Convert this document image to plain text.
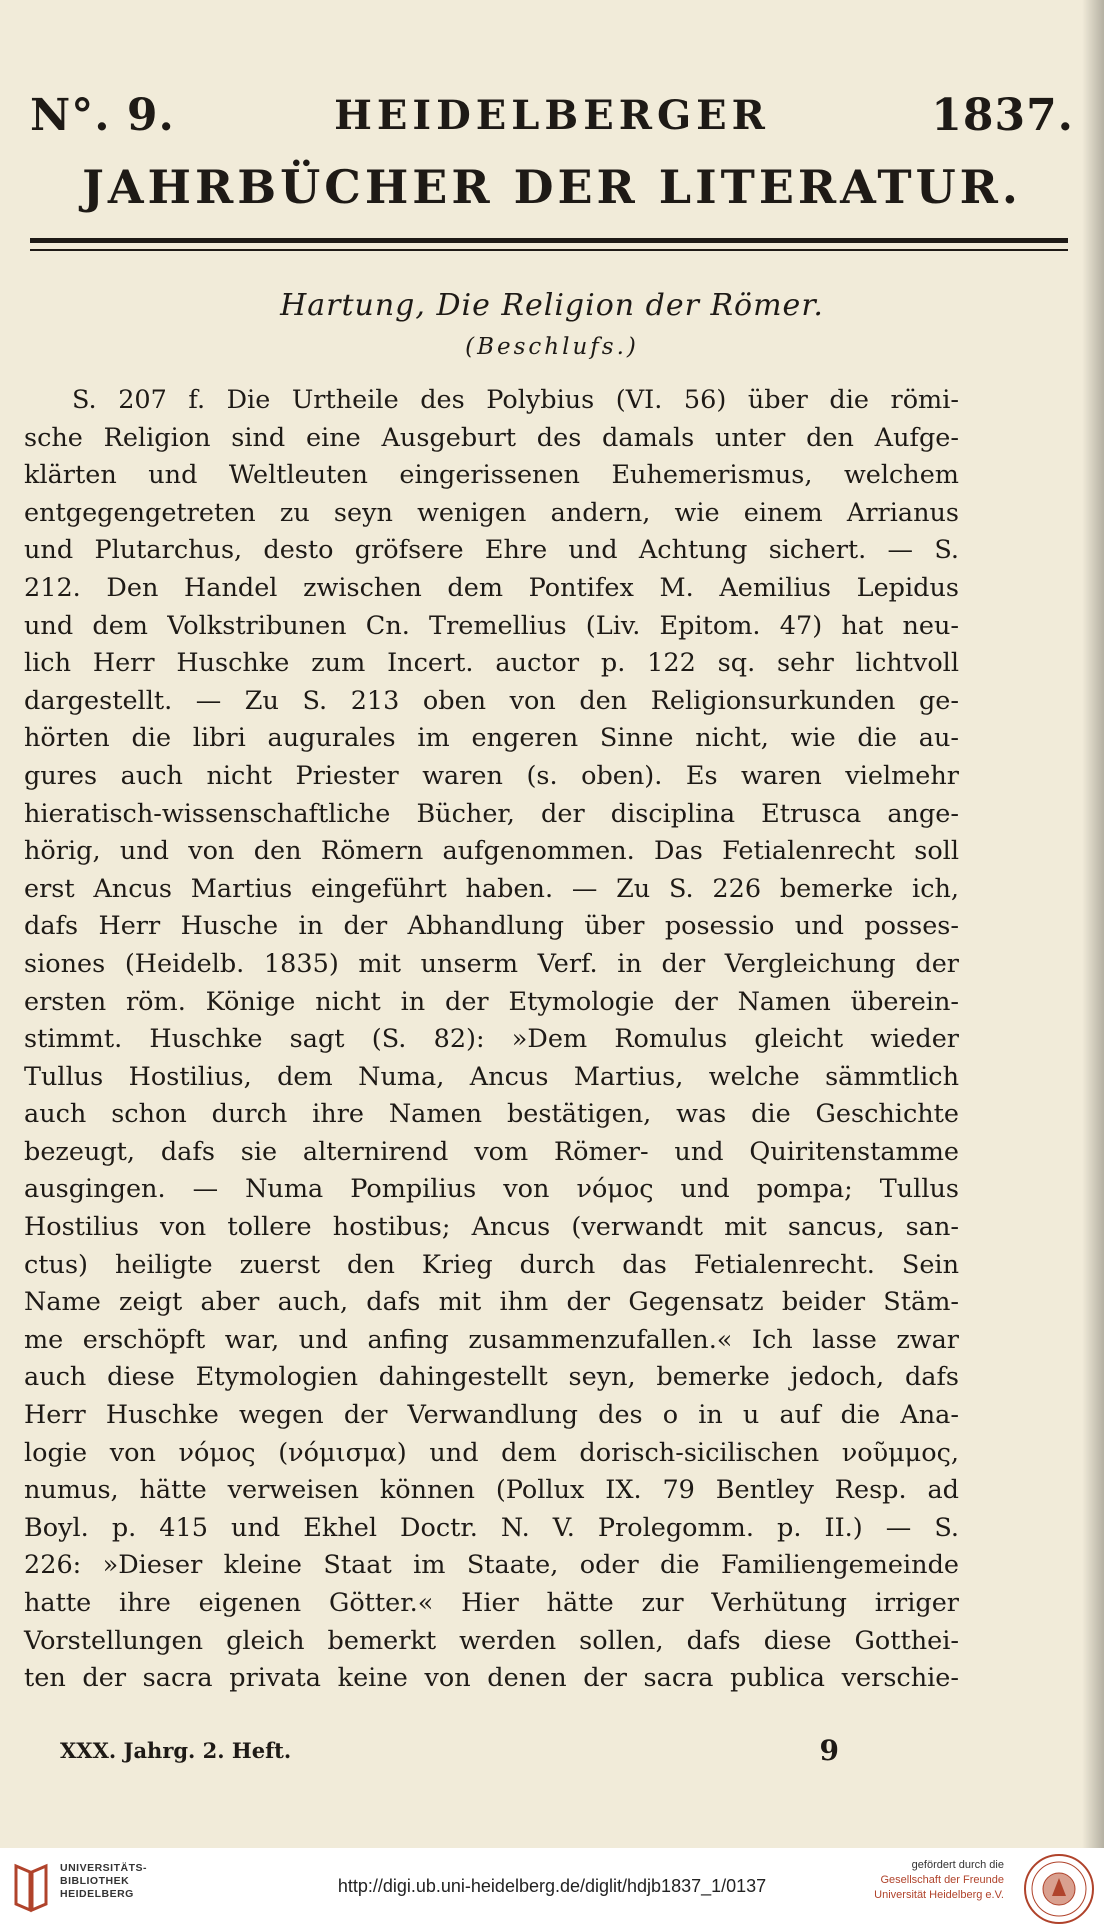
N°. 9.	HEIDELBERGER	1837.
JAHRBÜCHER DER LITERATUR.
Hartung, Die Religion der Römer.
(Beschlufs.)
S. 207 f. Die Urtheile des Polybius (VI. 56) über die römi-
sche Religion sind eine Ausgeburt des damals unter den Aufge-
klärten und Weltleuten eingerissenen Euhemerismus, welchem
entgegengetreten zu seyn wenigen andern, wie einem Arrianus
und Plutarchus, desto gröfsere Ehre und Achtung sichert. — S.
212. Den Handel zwischen dem Pontifex M. Aemilius Lepidus
und dem Volkstribunen Cn. Tremellius (Liv. Epitom. 47) hat neu-
lich Herr Huschke zum Incert. auctor p. 122 sq. sehr lichtvoll
dargestellt. — Zu S. 213 oben von den Religionsurkunden ge-
hörten die libri augurales im engeren Sinne nicht, wie die au-
gures auch nicht Priester waren (s. oben). Es waren vielmehr
hieratisch-wissenschaftliche Bücher, der disciplina Etrusca ange-
hörig, und von den Römern aufgenommen. Das Fetialenrecht soll
erst Ancus Martius eingeführt haben. — Zu S. 226 bemerke ich,
dafs Herr Husche in der Abhandlung über posessio und posses-
siones (Heidelb. 1835) mit unserm Verf. in der Vergleichung der
ersten röm. Könige nicht in der Etymologie der Namen überein-
stimmt. Huschke sagt (S. 82): »Dem Romulus gleicht wieder
Tullus Hostilius, dem Numa, Ancus Martius, welche sämmtlich
auch schon durch ihre Namen bestätigen, was die Geschichte
bezeugt, dafs sie alternirend vom Römer- und Quiritenstamme
ausgingen. — Numa Pompilius von νόμος und pompa; Tullus
Hostilius von tollere hostibus; Ancus (verwandt mit sancus, san-
ctus) heiligte zuerst den Krieg durch das Fetialenrecht. Sein
Name zeigt aber auch, dafs mit ihm der Gegensatz beider Stäm-
me erschöpft war, und anfing zusammenzufallen.« Ich lasse zwar
auch diese Etymologien dahingestellt seyn, bemerke jedoch, dafs
Herr Huschke wegen der Verwandlung des o in u auf die Ana-
logie von νόμος (νόμισμα) und dem dorisch-sicilischen νοῦμμος,
numus, hätte verweisen können (Pollux IX. 79 Bentley Resp. ad
Boyl. p. 415 und Ekhel Doctr. N. V. Prolegomm. p. II.) — S.
226: »Dieser kleine Staat im Staate, oder die Familiengemeinde
hatte ihre eigenen Götter.« Hier hätte zur Verhütung irriger
Vorstellungen gleich bemerkt werden sollen, dafs diese Gotthei-
ten der sacra privata keine von denen der sacra publica verschie-
XXX. Jahrg. 2. Heft.	9
UNIVERSITÄTS-
BIBLIOTHEK
HEIDELBERG	http://digi.ub.uni-heidelberg.de/diglit/hdjb1837_1/0137
gefördert durch die
Gesellschaft der Freunde
Universität Heidelberg e.V.
